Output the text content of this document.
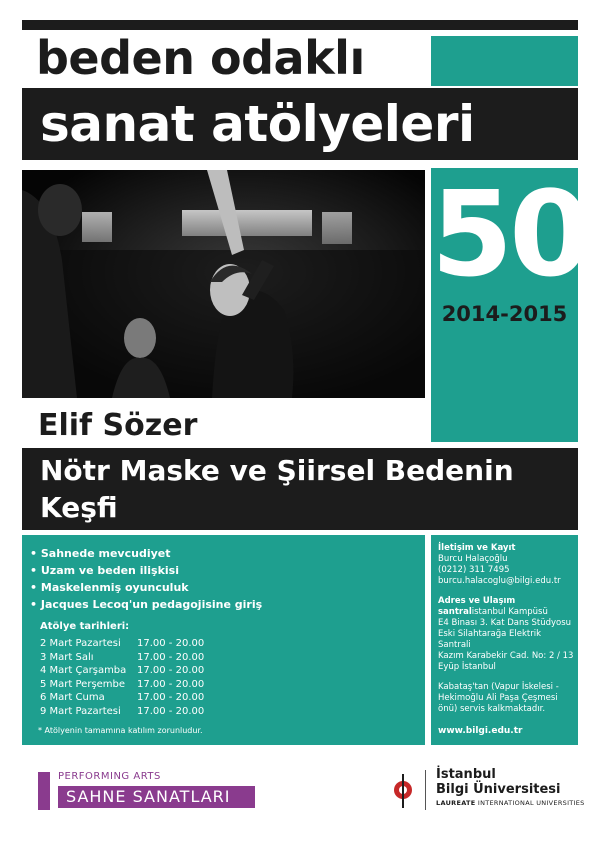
beden odaklı
sanat atölyeleri
50
2014-2015
Elif Sözer
Nötr Maske ve Şiirsel Bedenin Keşfi
• Sahnede mevcudiyet
• Uzam ve beden ilişkisi
• Maskelenmiş oyunculuk
• Jacques Lecoq'un pedagojisine giriş
Atölye tarihleri:
2 Mart Pazartesi	17.00 - 20.00
3 Mart Salı	17.00 - 20.00
4 Mart Çarşamba	17.00 - 20.00
5 Mart Perşembe	17.00 - 20.00
6 Mart Cuma	17.00 - 20.00
9 Mart Pazartesi	17.00 - 20.00
* Atölyenin tamamına katılım zorunludur.
İletişim ve Kayıt
Burcu Halaçoğlu
(0212) 311 7495
burcu.halacoglu@bilgi.edu.tr
Adres ve Ulaşım
santralistanbul Kampüsü
E4 Binası 3. Kat Dans Stüdyosu
Eski Silahtarağa Elektrik Santrali
Kazım Karabekir Cad. No: 2 / 13
Eyüp İstanbul
Kabataş'tan (Vapur İskelesi - Hekimoğlu Ali Paşa Çeşmesi önü) servis kalkmaktadır.
www.bilgi.edu.tr
PERFORMING ARTS
SAHNE SANATLARI
İstanbul
Bilgi Üniversitesi
LAUREATE INTERNATIONAL UNIVERSITIES
